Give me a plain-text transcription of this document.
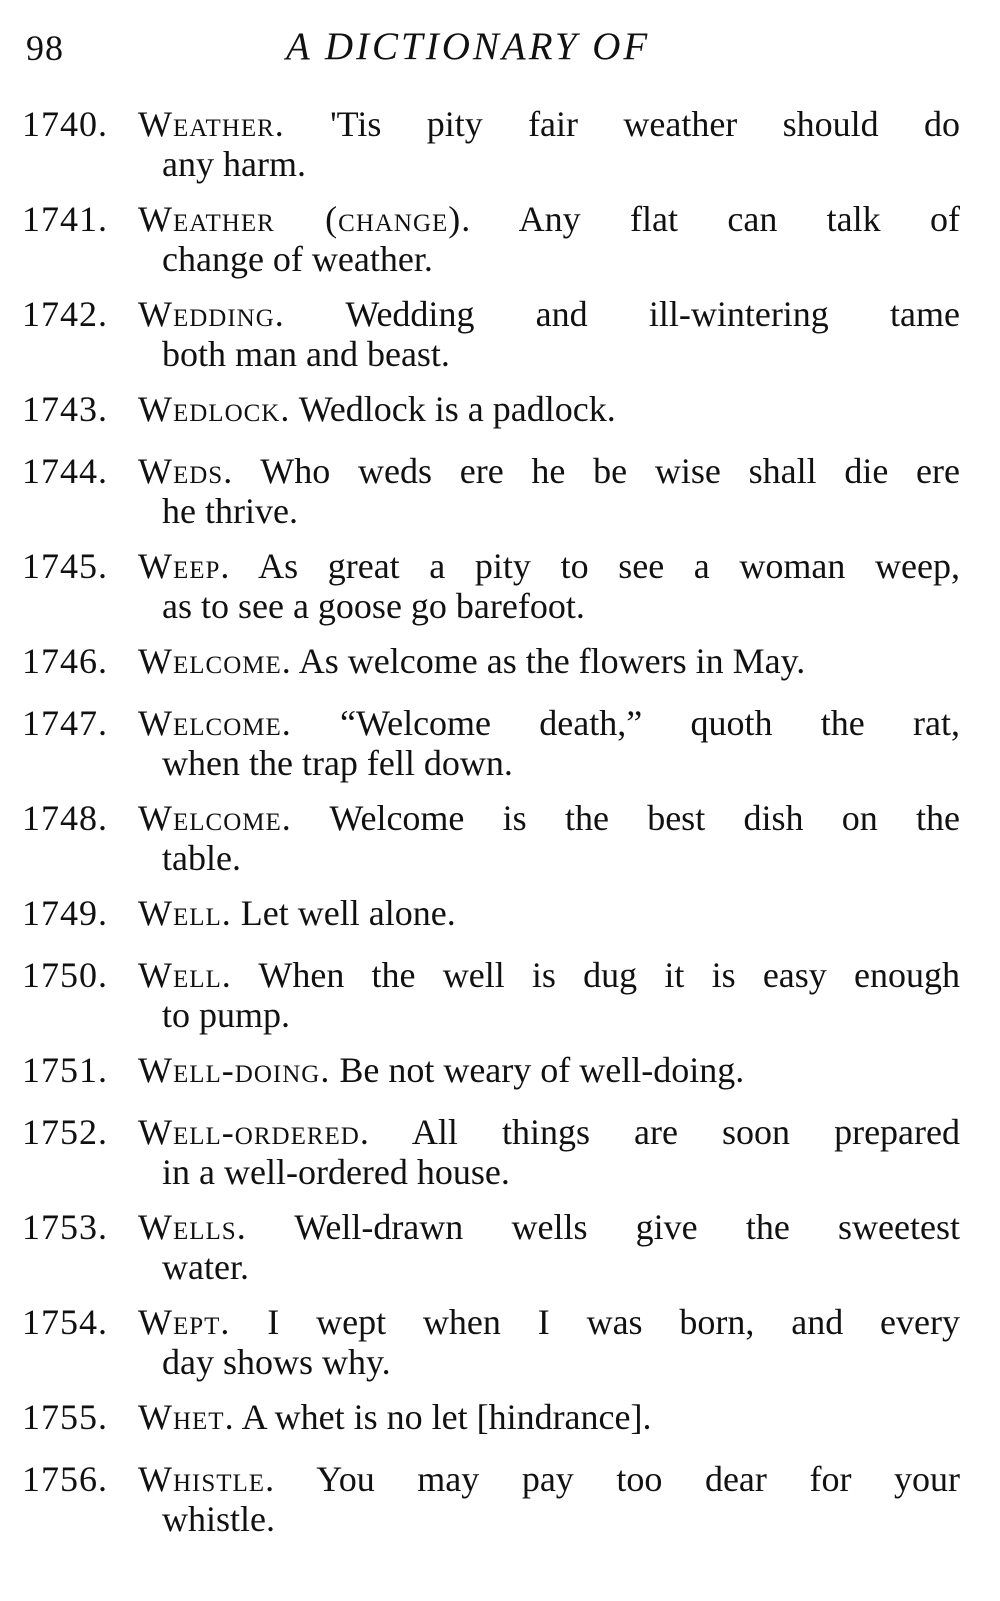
98	A DICTIONARY OF
1740. Weather. 'Tis pity fair weather should do
any harm.
1741. Weather (change). Any flat can talk of
change of weather.
1742. Wedding. Wedding and ill-wintering tame
both man and beast.
1743. Wedlock. Wedlock is a padlock.
1744. Weds. Who weds ere he be wise shall die ere
he thrive.
1745. Weep. As great a pity to see a woman weep,
as to see a goose go barefoot.
1746. Welcome. As welcome as the flowers in May.
1747. Welcome. “Welcome death,” quoth the rat,
when the trap fell down.
1748. Welcome. Welcome is the best dish on the
table.
1749. Well. Let well alone.
1750. Well. When the well is dug it is easy enough
to pump.
1751. Well-doing. Be not weary of well-doing.
1752. Well-ordered. All things are soon prepared
in a well-ordered house.
1753. Wells. Well-drawn wells give the sweetest
water.
1754. Wept. I wept when I was born, and every
day shows why.
1755. Whet. A whet is no let [hindrance].
1756. Whistle. You may pay too dear for your
whistle.
